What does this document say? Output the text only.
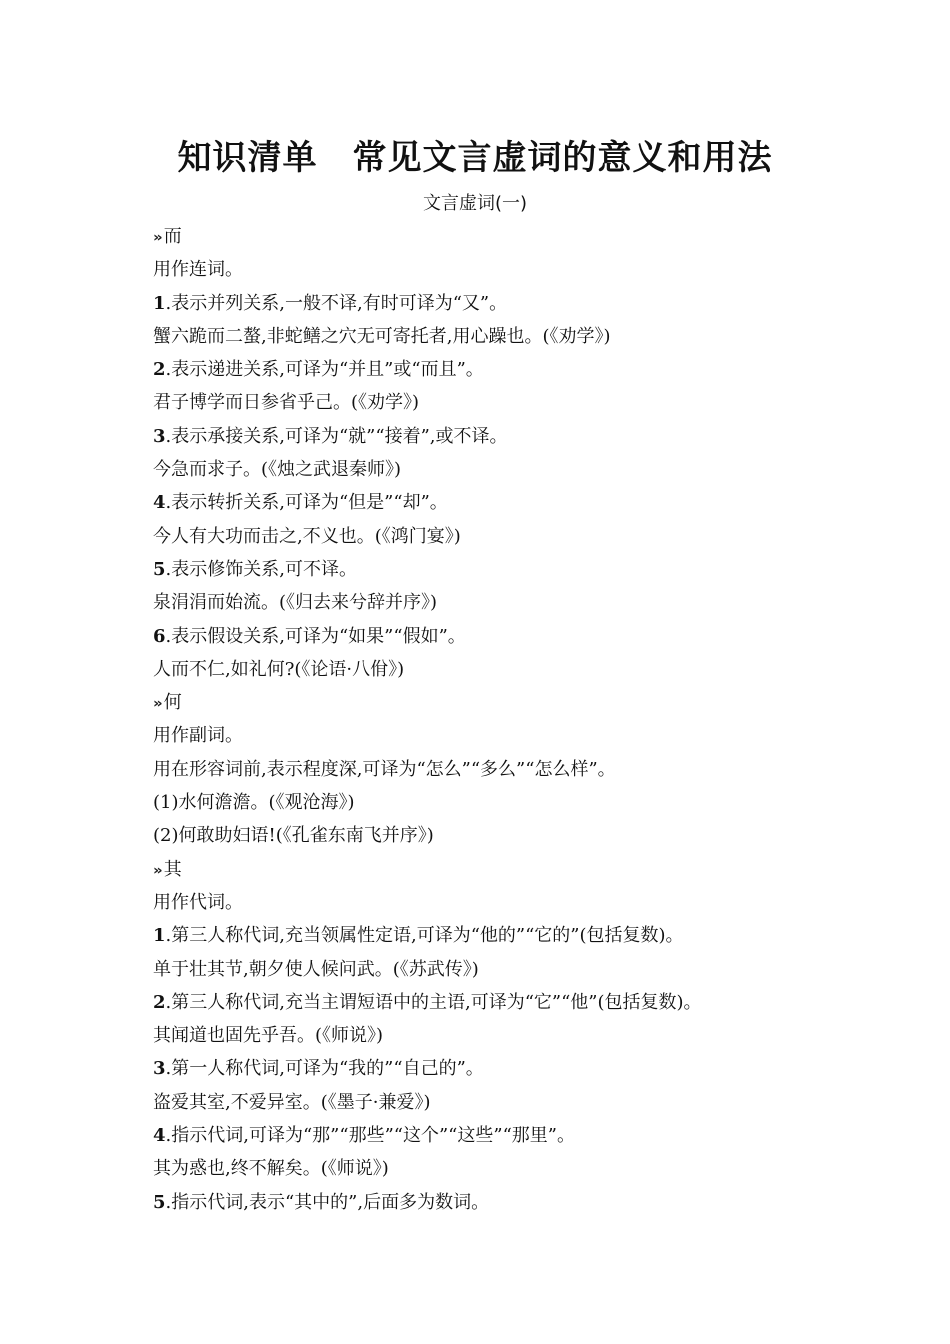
知识清单　常见文言虚词的意义和用法
文言虚词(一)
» 而
用作连词。
1.表示并列关系,一般不译,有时可译为“又”。
蟹六跪而二螯,非蛇鳝之穴无可寄托者,用心躁也。(《劝学》)
2.表示递进关系,可译为“并且”或“而且”。
君子博学而日参省乎己。(《劝学》)
3.表示承接关系,可译为“就”“接着”,或不译。
今急而求子。(《烛之武退秦师》)
4.表示转折关系,可译为“但是”“却”。
今人有大功而击之,不义也。(《鸿门宴》)
5.表示修饰关系,可不译。
泉涓涓而始流。(《归去来兮辞并序》)
6.表示假设关系,可译为“如果”“假如”。
人而不仁,如礼何?(《论语·八佾》)
» 何
用作副词。
用在形容词前,表示程度深,可译为“怎么”“多么”“怎么样”。
(1)水何澹澹。(《观沧海》)
(2)何敢助妇语!(《孔雀东南飞并序》)
» 其
用作代词。
1.第三人称代词,充当领属性定语,可译为“他的”“它的”(包括复数)。
单于壮其节,朝夕使人候问武。(《苏武传》)
2.第三人称代词,充当主谓短语中的主语,可译为“它”“他”(包括复数)。
其闻道也固先乎吾。(《师说》)
3.第一人称代词,可译为“我的”“自己的”。
盗爱其室,不爱异室。(《墨子·兼爱》)
4.指示代词,可译为“那”“那些”“这个”“这些”“那里”。
其为惑也,终不解矣。(《师说》)
5.指示代词,表示“其中的”,后面多为数词。
